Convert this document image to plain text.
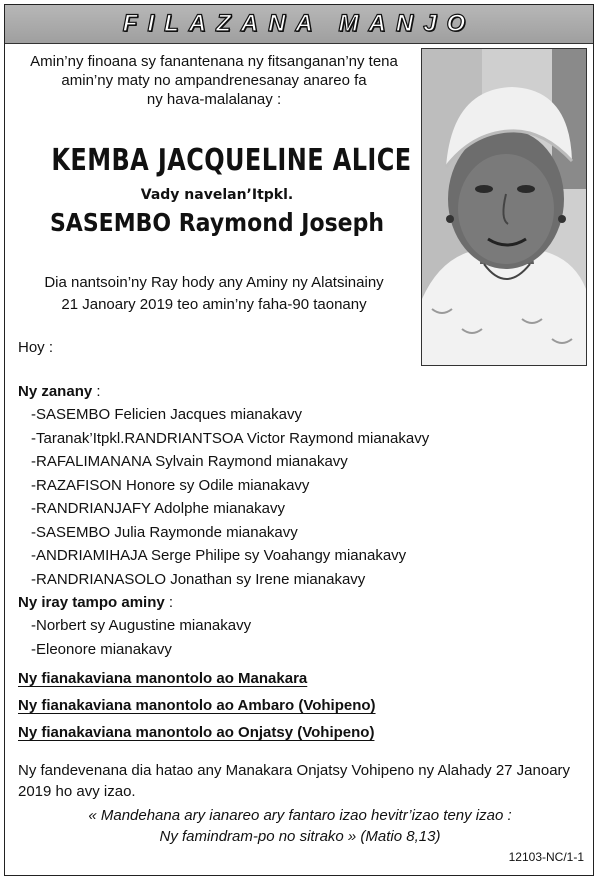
FILAZANA MANJO
Amin’ny finoana sy fanantenana ny fitsanganan’ny tena
amin’ny maty no ampandrenesanay anareo fa
ny hava-malalanay :
KEMBA JACQUELINE ALICE
Vady navelan’Itpkl.
SASEMBO Raymond Joseph
Dia nantsoin’ny Ray hody any Aminy ny Alatsinainy
21 Janoary 2019 teo amin’ny faha-90 taonany
Hoy :
Ny zanany :
-SASEMBO Felicien Jacques mianakavy
-Taranak’Itpkl.RANDRIANTSOA Victor Raymond mianakavy
-RAFALIMANANA Sylvain Raymond mianakavy
-RAZAFISON Honore sy Odile mianakavy
-RANDRIANJAFY Adolphe mianakavy
-SASEMBO Julia Raymonde mianakavy
-ANDRIAMIHAJA Serge Philipe sy Voahangy mianakavy
-RANDRIANASOLO Jonathan sy Irene mianakavy
Ny iray tampo aminy :
-Norbert sy Augustine mianakavy
-Eleonore mianakavy
Ny fianakaviana manontolo ao Manakara
Ny fianakaviana manontolo ao Ambaro (Vohipeno)
Ny fianakaviana manontolo ao Onjatsy (Vohipeno)
Ny fandevenana dia hatao any Manakara Onjatsy Vohipeno ny Alahady 27 Janoary 2019 ho avy izao.
« Mandehana ary ianareo ary fantaro izao hevitr’izao teny izao :
Ny famindram-po no sitrako » (Matio 8,13)
12103-NC/1-1
